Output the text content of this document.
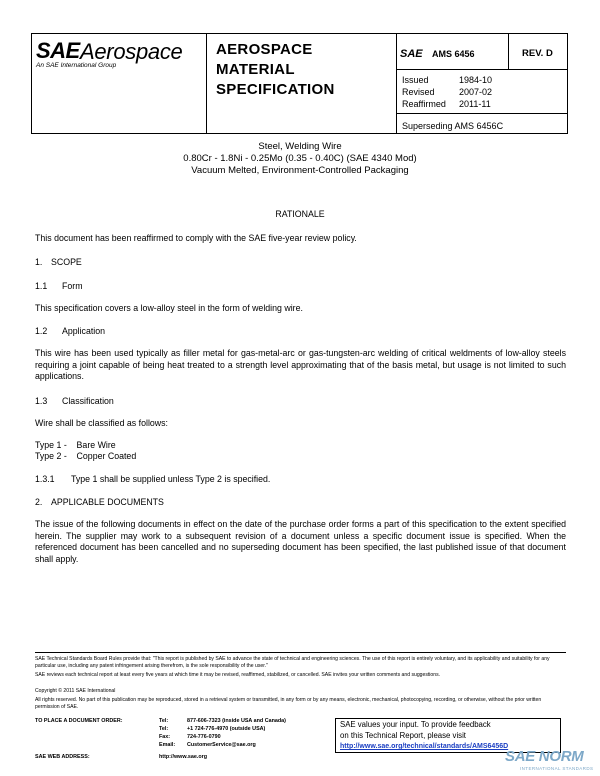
SAE Aerospace
An SAE International Group
AEROSPACE
MATERIAL
SPECIFICATION
SAE AMS 6456	REV. D
Issued	1984-10
Revised	2007-02
Reaffirmed 2011-11
Superseding AMS 6456C
Steel, Welding Wire
0.80Cr - 1.8Ni - 0.25Mo (0.35 - 0.40C) (SAE 4340 Mod)
Vacuum Melted, Environment-Controlled Packaging
RATIONALE
This document has been reaffirmed to comply with the SAE five-year review policy.
1. SCOPE
1.1 Form
This specification covers a low-alloy steel in the form of welding wire.
1.2 Application
This wire has been used typically as filler metal for gas-metal-arc or gas-tungsten-arc welding of critical weldments of low-alloy steels requiring a joint capable of being heat treated to a strength level approximating that of the basis metal, but usage is not limited to such applications.
1.3 Classification
Wire shall be classified as follows:
Type 1 -    Bare Wire
Type 2 -    Copper Coated
1.3.1 Type 1 shall be supplied unless Type 2 is specified.
2. APPLICABLE DOCUMENTS
The issue of the following documents in effect on the date of the purchase order forms a part of this specification to the extent specified herein. The supplier may work to a subsequent revision of a document unless a specific document issue is specified. When the referenced document has been cancelled and no superseding document has been specified, the last published issue of that document shall apply.
SAE Technical Standards Board Rules provide that: "This report is published by SAE to advance the state of technical and engineering sciences. The use of this report is entirely voluntary, and its applicability and suitability for any particular use, including any patent infringement arising therefrom, is the sole responsibility of the user."
SAE reviews each technical report at least every five years at which time it may be revised, reaffirmed, stabilized, or cancelled. SAE invites your written comments and suggestions.
Copyright © 2011 SAE International
All rights reserved. No part of this publication may be reproduced, stored in a retrieval system or transmitted, in any form or by any means, electronic, mechanical, photocopying, recording, or otherwise, without the prior written permission of SAE.
TO PLACE A DOCUMENT ORDER:	Tel:	877-606-7323 (inside USA and Canada)
Tel:	+1 724-776-4970 (outside USA)
Fax:	724-776-0790
Email: CustomerService@sae.org
SAE WEB ADDRESS:	http://www.sae.org
SAE values your input. To provide feedback
on this Technical Report, please visit
http://www.sae.org/technical/standards/AMS6456D
SAE NORM
INTERNATIONAL STANDARDS
